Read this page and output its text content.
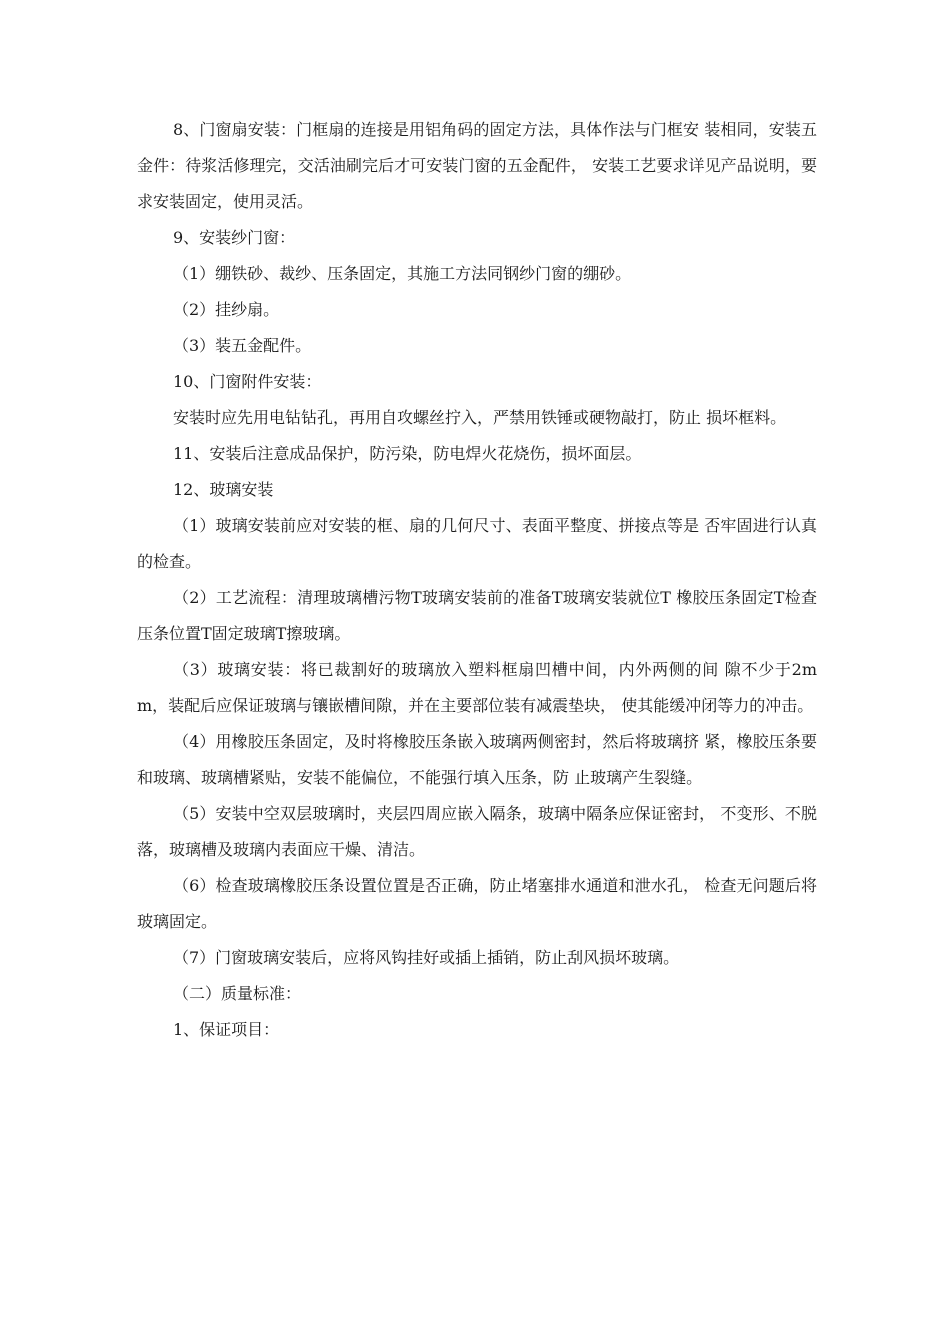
8、门窗扇安装：门框扇的连接是用铝角码的固定方法，具体作法与门框安 装相同，安装五金件：待浆活修理完，交活油刷完后才可安装门窗的五金配件， 安装工艺要求详见产品说明，要求安装固定，使用灵活。

9、安装纱门窗：

（1）绷铁砂、裁纱、压条固定，其施工方法同钢纱门窗的绷砂。

（2）挂纱扇。

（3）装五金配件。

10、门窗附件安装：

安装时应先用电钻钻孔，再用自攻螺丝拧入，严禁用铁锤或硬物敲打，防止 损坏框料。

11、安装后注意成品保护，防污染，防电焊火花烧伤，损坏面层。

12、玻璃安装

（1）玻璃安装前应对安装的框、扇的几何尺寸、表面平整度、拼接点等是 否牢固进行认真的检查。

（2）工艺流程：清理玻璃槽污物T玻璃安装前的准备T玻璃安装就位T 橡胶压条固定T检查压条位置T固定玻璃T擦玻璃。

（3）玻璃安装：将已裁割好的玻璃放入塑料框扇凹槽中间，内外两侧的间 隙不少于2mm，装配后应保证玻璃与镶嵌槽间隙，并在主要部位装有减震垫块， 使其能缓冲闭等力的冲击。

（4）用橡胶压条固定，及时将橡胶压条嵌入玻璃两侧密封，然后将玻璃挤 紧，橡胶压条要和玻璃、玻璃槽紧贴，安装不能偏位，不能强行填入压条，防 止玻璃产生裂缝。

（5）安装中空双层玻璃时，夹层四周应嵌入隔条，玻璃中隔条应保证密封， 不变形、不脱落，玻璃槽及玻璃内表面应干燥、清洁。

（6）检查玻璃橡胶压条设置位置是否正确，防止堵塞排水通道和泄水孔， 检查无问题后将玻璃固定。

（7）门窗玻璃安装后，应将风钩挂好或插上插销，防止刮风损坏玻璃。

（二）质量标准：

1、保证项目：
